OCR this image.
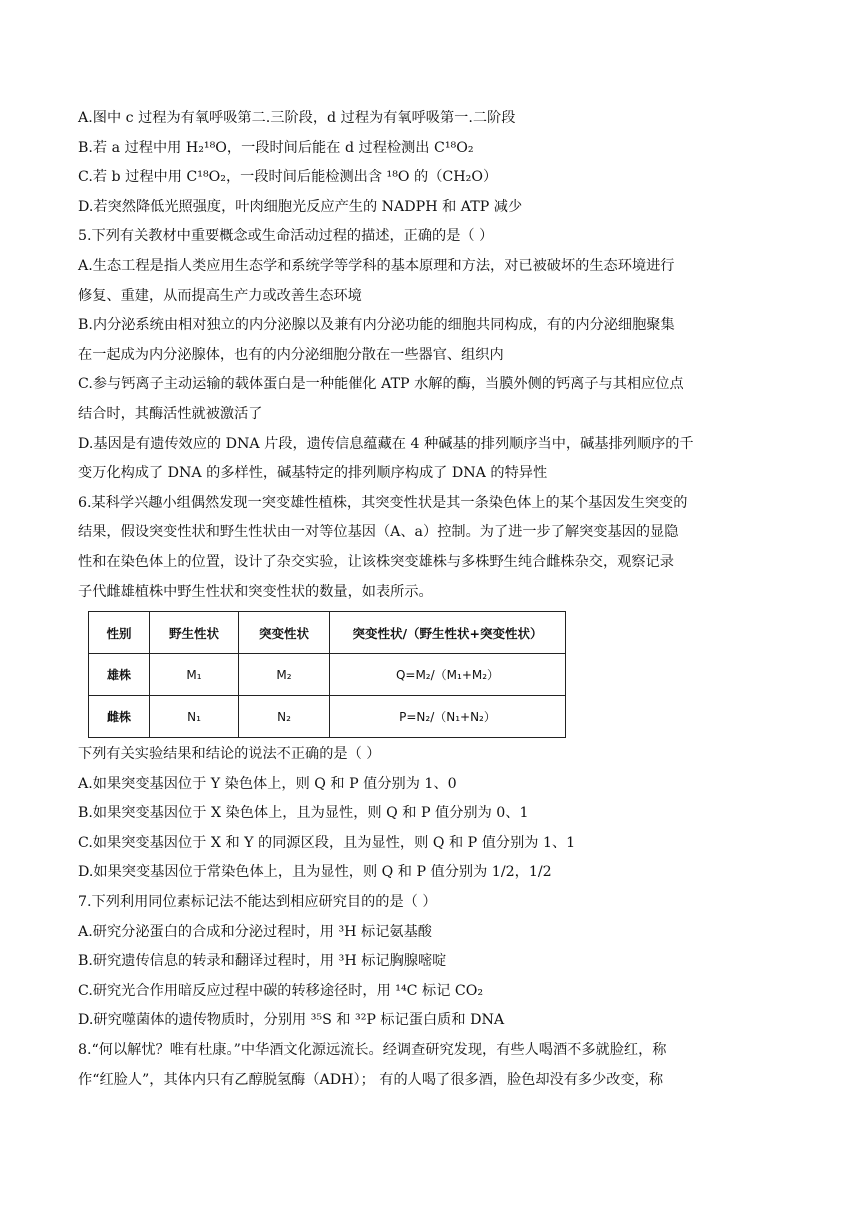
A.图中 c 过程为有氧呼吸第二.三阶段，d 过程为有氧呼吸第一.二阶段
B.若 a 过程中用 H₂¹⁸O，一段时间后能在 d 过程检测出 C¹⁸O₂
C.若 b 过程中用 C¹⁸O₂，一段时间后能检测出含 ¹⁸O 的（CH₂O）
D.若突然降低光照强度，叶肉细胞光反应产生的 NADPH 和 ATP 减少
5.下列有关教材中重要概念或生命活动过程的描述，正确的是（ ）
A.生态工程是指人类应用生态学和系统学等学科的基本原理和方法，对已被破坏的生态环境进行
修复、重建，从而提高生产力或改善生态环境
B.内分泌系统由相对独立的内分泌腺以及兼有内分泌功能的细胞共同构成，有的内分泌细胞聚集
在一起成为内分泌腺体，也有的内分泌细胞分散在一些器官、组织内
C.参与钙离子主动运输的载体蛋白是一种能催化 ATP 水解的酶，当膜外侧的钙离子与其相应位点
结合时，其酶活性就被激活了
D.基因是有遗传效应的 DNA 片段，遗传信息蕴藏在 4 种碱基的排列顺序当中，碱基排列顺序的千
变万化构成了 DNA 的多样性，碱基特定的排列顺序构成了 DNA 的特异性
6.某科学兴趣小组偶然发现一突变雄性植株，其突变性状是其一条染色体上的某个基因发生突变的
结果，假设突变性状和野生性状由一对等位基因（A、a）控制。为了进一步了解突变基因的显隐
性和在染色体上的位置，设计了杂交实验，让该株突变雄株与多株野生纯合雌株杂交，观察记录
子代雌雄植株中野生性状和突变性状的数量，如表所示。
性别	野生性状	突变性状	突变性状/（野生性状+突变性状）
雄株	M₁	M₂	Q=M₂/（M₁+M₂）
雌株	N₁	N₂	P=N₂/（N₁+N₂）
下列有关实验结果和结论的说法不正确的是（ ）
A.如果突变基因位于 Y 染色体上，则 Q 和 P 值分别为 1、0
B.如果突变基因位于 X 染色体上，且为显性，则 Q 和 P 值分别为 0、1
C.如果突变基因位于 X 和 Y 的同源区段，且为显性，则 Q 和 P 值分别为 1、1
D.如果突变基因位于常染色体上，且为显性，则 Q 和 P 值分别为 1/2，1/2
7.下列利用同位素标记法不能达到相应研究目的的是（ ）
A.研究分泌蛋白的合成和分泌过程时，用 ³H 标记氨基酸
B.研究遗传信息的转录和翻译过程时，用 ³H 标记胸腺嘧啶
C.研究光合作用暗反应过程中碳的转移途径时，用 ¹⁴C 标记 CO₂
D.研究噬菌体的遗传物质时，分别用 ³⁵S 和 ³²P 标记蛋白质和 DNA
8.“何以解忧？唯有杜康。”中华酒文化源远流长。经调查研究发现，有些人喝酒不多就脸红，称
作“红脸人”，其体内只有乙醇脱氢酶（ADH）； 有的人喝了很多酒，脸色却没有多少改变，称
